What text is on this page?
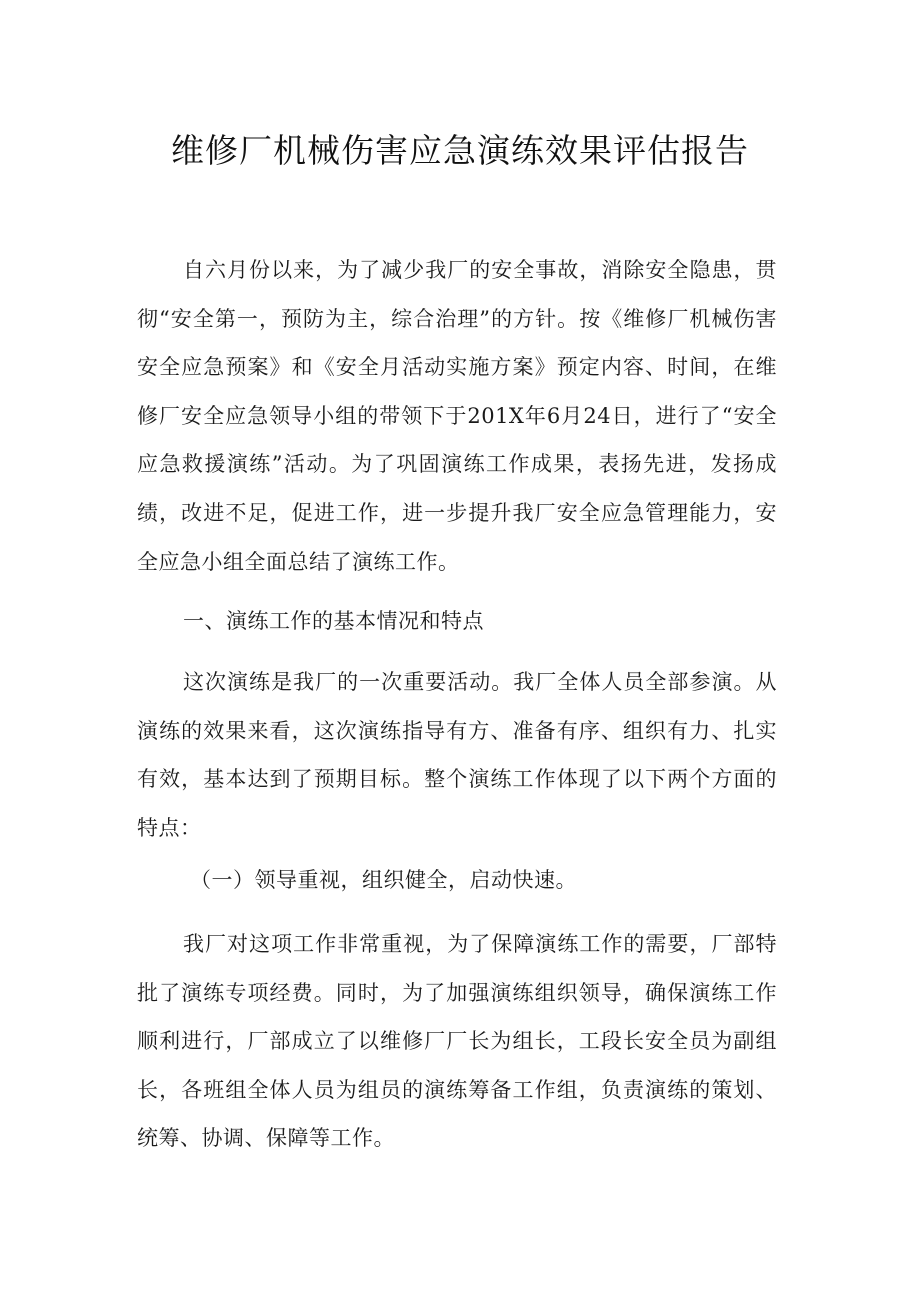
维修厂机械伤害应急演练效果评估报告

自六月份以来，为了减少我厂的安全事故，消除安全隐患，贯彻“安全第一，预防为主，综合治理”的方针。按《维修厂机械伤害安全应急预案》和《安全月活动实施方案》预定内容、时间，在维修厂安全应急领导小组的带领下于201X年6月24日，进行了“安全应急救援演练”活动。为了巩固演练工作成果，表扬先进，发扬成绩，改进不足，促进工作，进一步提升我厂安全应急管理能力，安全应急小组全面总结了演练工作。

一、演练工作的基本情况和特点

这次演练是我厂的一次重要活动。我厂全体人员全部参演。从演练的效果来看，这次演练指导有方、准备有序、组织有力、扎实有效，基本达到了预期目标。整个演练工作体现了以下两个方面的特点：

（一）领导重视，组织健全，启动快速。

我厂对这项工作非常重视，为了保障演练工作的需要，厂部特批了演练专项经费。同时，为了加强演练组织领导，确保演练工作顺利进行，厂部成立了以维修厂厂长为组长，工段长安全员为副组长，各班组全体人员为组员的演练筹备工作组，负责演练的策划、统筹、协调、保障等工作。
